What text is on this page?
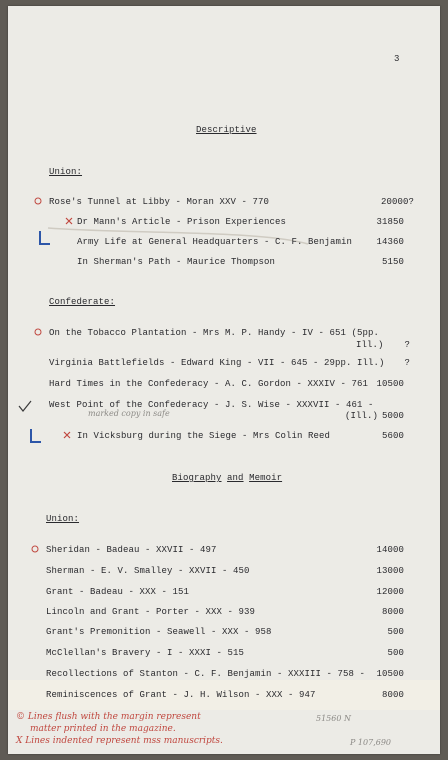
3
Descriptive
Union:
Rose's Tunnel at Libby - Moran XXV - 770	20000?
Dr Mann's Article - Prison Experiences	31850
Army Life at General Headquarters - C. F. Benjamin	14360
In Sherman's Path - Maurice Thompson	5150
Confederate:
On the Tobacco Plantation - Mrs M. P. Handy - IV - 651 (5pp.
Ill.)	?
Virginia Battlefields - Edward King - VII - 645 - 29pp. Ill.)	?
Hard Times in the Confederacy - A. C. Gordon - XXXIV - 761 10500
West Point of the Confederacy - J. S. Wise - XXXVII - 461 -
(Ill.) 5000
In Vicksburg during the Siege - Mrs Colin Reed	5600
Biography and Memoir
Union:
Sheridan - Badeau - XXVII - 497	14000
Sherman - E. V. Smalley - XXVII - 450	13000
Grant - Badeau - XXX - 151	12000
Lincoln and Grant - Porter - XXX - 939	8000
Grant's Premonition - Seawell - XXX - 958	500
McClellan's Bravery - I - XXXI - 515	500
Recollections of Stanton - C. F. Benjamin - XXXIII - 758 -	10500
Reminiscences of Grant - J. H. Wilson - XXX - 947	8000
marked copy in safe
© Lines flush with the margin represent
matter printed in the magazine.
X Lines indented represent mss manuscripts.
51560 N
P 107,690
